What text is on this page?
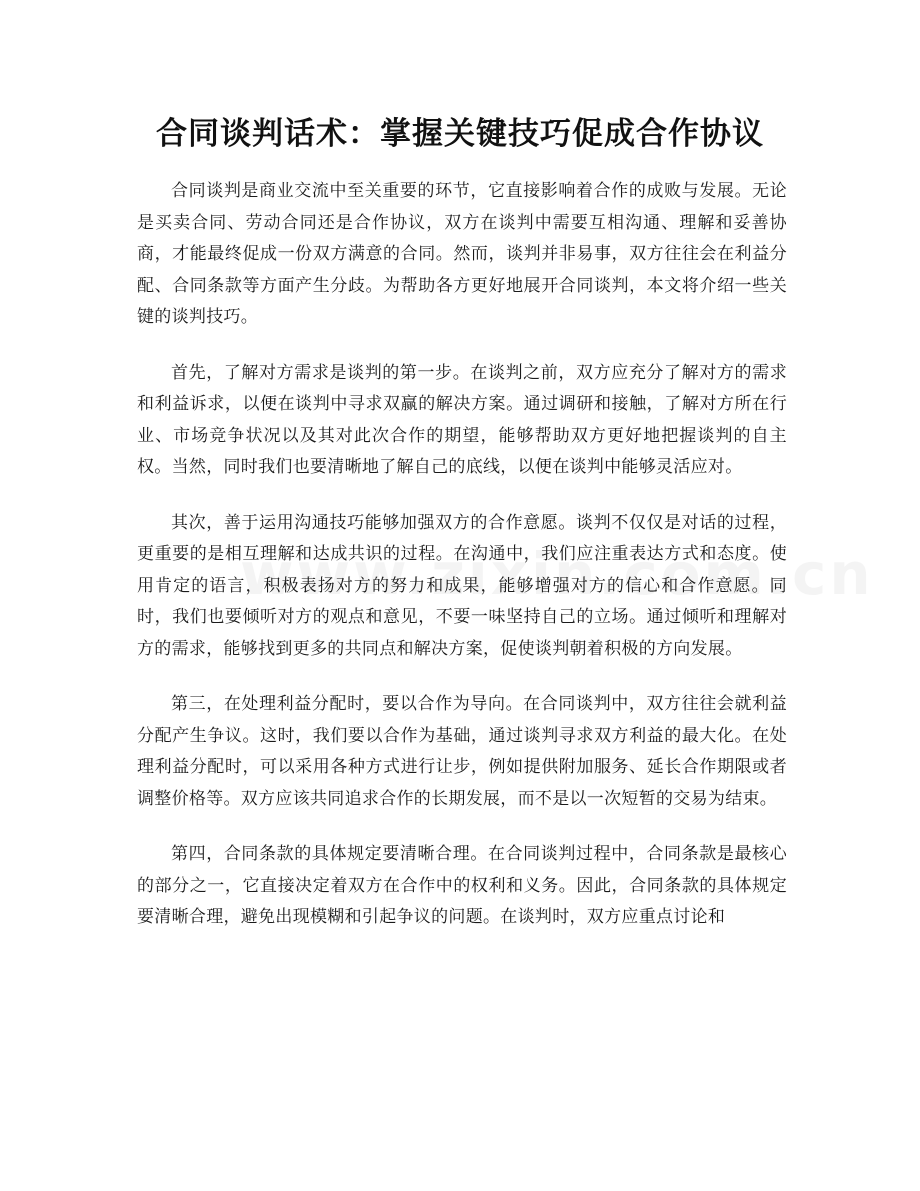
合同谈判话术：掌握关键技巧促成合作协议

合同谈判是商业交流中至关重要的环节，它直接影响着合作的成败与发展。无论是买卖合同、劳动合同还是合作协议，双方在谈判中需要互相沟通、理解和妥善协商，才能最终促成一份双方满意的合同。然而，谈判并非易事，双方往往会在利益分配、合同条款等方面产生分歧。为帮助各方更好地展开合同谈判，本文将介绍一些关键的谈判技巧。

首先，了解对方需求是谈判的第一步。在谈判之前，双方应充分了解对方的需求和利益诉求，以便在谈判中寻求双赢的解决方案。通过调研和接触，了解对方所在行业、市场竞争状况以及其对此次合作的期望，能够帮助双方更好地把握谈判的自主权。当然，同时我们也要清晰地了解自己的底线，以便在谈判中能够灵活应对。

其次，善于运用沟通技巧能够加强双方的合作意愿。谈判不仅仅是对话的过程，更重要的是相互理解和达成共识的过程。在沟通中，我们应注重表达方式和态度。使用肯定的语言，积极表扬对方的努力和成果，能够增强对方的信心和合作意愿。同时，我们也要倾听对方的观点和意见，不要一味坚持自己的立场。通过倾听和理解对方的需求，能够找到更多的共同点和解决方案，促使谈判朝着积极的方向发展。

第三，在处理利益分配时，要以合作为导向。在合同谈判中，双方往往会就利益分配产生争议。这时，我们要以合作为基础，通过谈判寻求双方利益的最大化。在处理利益分配时，可以采用各种方式进行让步，例如提供附加服务、延长合作期限或者调整价格等。双方应该共同追求合作的长期发展，而不是以一次短暂的交易为结束。

第四，合同条款的具体规定要清晰合理。在合同谈判过程中，合同条款是最核心的部分之一，它直接决定着双方在合作中的权利和义务。因此，合同条款的具体规定要清晰合理，避免出现模糊和引起争议的问题。在谈判时，双方应重点讨论和
